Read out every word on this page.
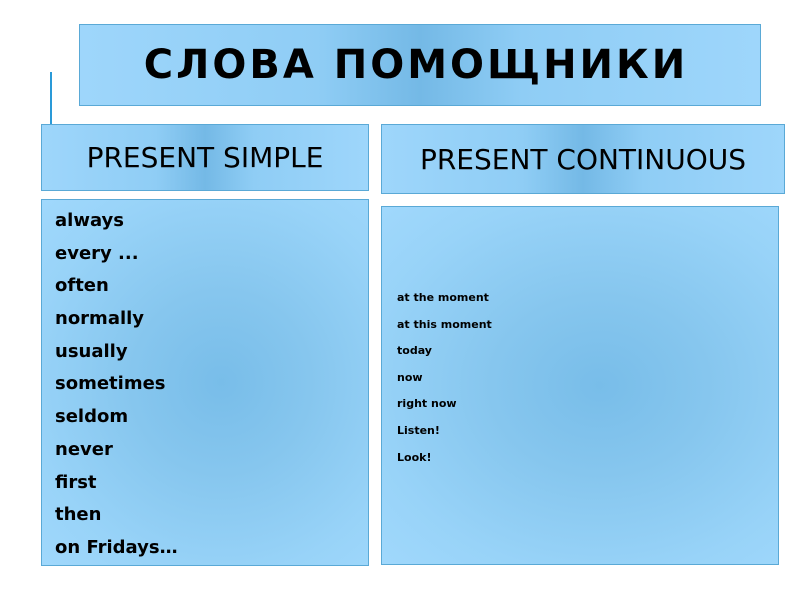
СЛОВА ПОМОЩНИКИ
PRESENT SIMPLE	PRESENT CONTINUOUS
always
every ...
often
normally
usually
sometimes
seldom
never
first
then
on Fridays…
at the moment
at this moment
today
now
right now
Listen!
Look!
